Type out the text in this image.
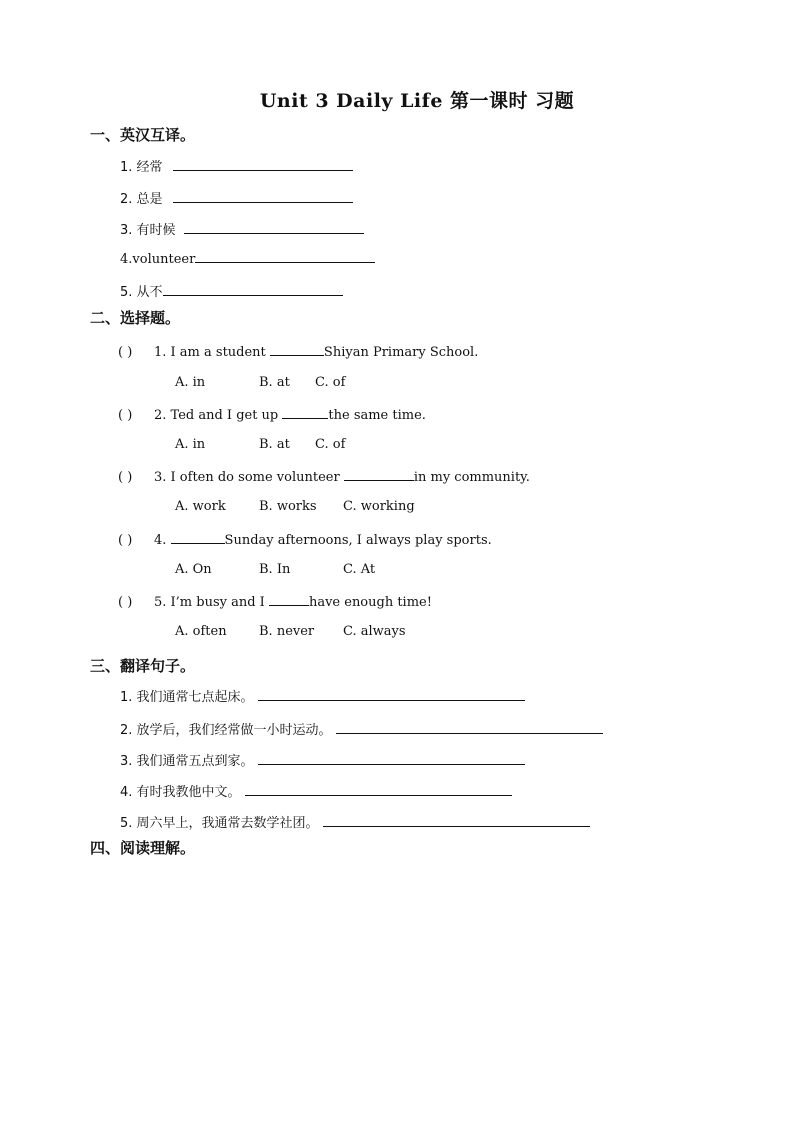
Unit 3 Daily Life 第一课时 习题
一、英汉互译。
1. 经常
2. 总是
3. 有时候
4.volunteer
5. 从不
二、选择题。
( ) 1. I am a student	Shiyan Primary School.
A. in	B. at C. of
( ) 2. Ted and I get up	the same time.
A. in	B. at C. of
( ) 3. I often do some volunteer	in my community.
A. work	B. works C. working
( ) 4.	Sunday afternoons, I always play sports.
A. On	B. In	C. At
( ) 5. I’m busy and I	have enough time!
A. often B. never C. always
三、翻译句子。
1. 我们通常七点起床。
2. 放学后，我们经常做一小时运动。
3. 我们通常五点到家。
4. 有时我教他中文。
5. 周六早上，我通常去数学社团。
四、阅读理解。
